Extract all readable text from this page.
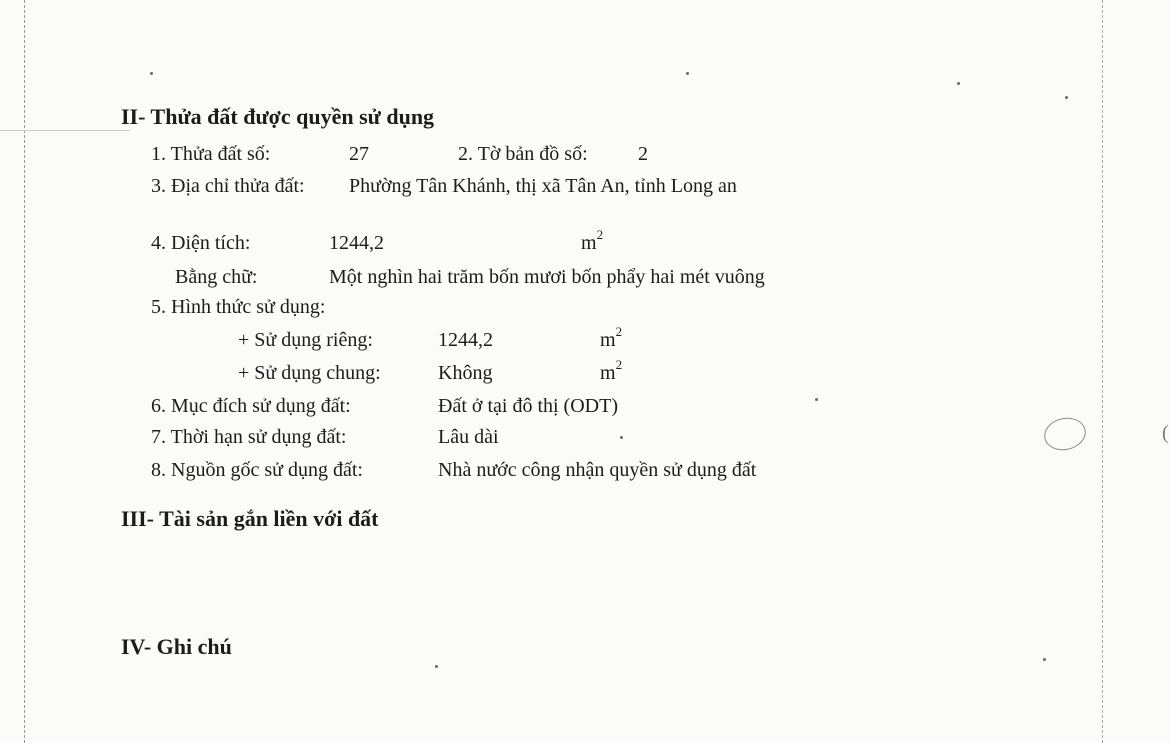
II- Thửa đất được quyền sử dụng
1. Thửa đất số:	27	2. Tờ bản đồ số:	2
3. Địa chỉ thửa đất: Phường Tân Khánh, thị xã Tân An, tỉnh Long an
4. Diện tích:	1244,2	$m^2$
Bằng chữ:	Một nghìn hai trăm bốn mươi bốn phẩy hai mét vuông
5. Hình thức sử dụng:
+ Sử dụng riêng:	1244,2	$m^2$
+ Sử dụng chung:	Không	$m^2$
6. Mục đích sử dụng đất:	Đất ở tại đô thị (ODT)
7. Thời hạn sử dụng đất:	Lâu dài
8. Nguồn gốc sử dụng đất:	Nhà nước công nhận quyền sử dụng đất
III- Tài sản gắn liền với đất
IV- Ghi chú
(
